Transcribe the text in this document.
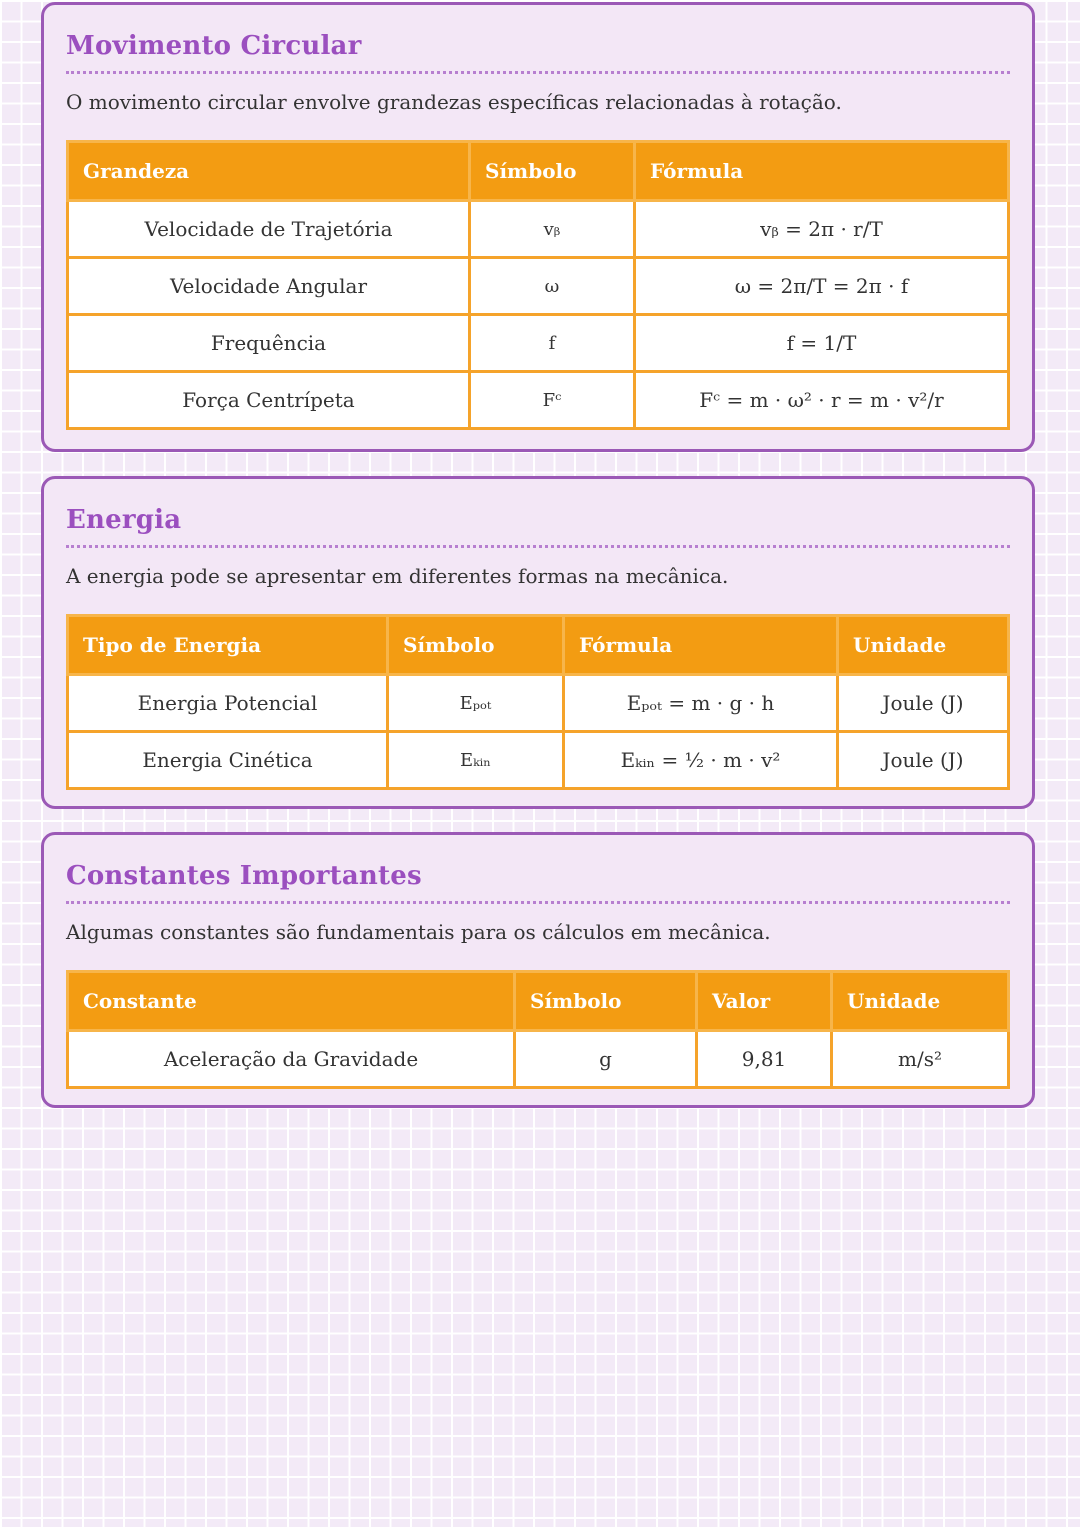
Movimento Circular

O movimento circular envolve grandezas específicas relacionadas à rotação.

Grandeza	Símbolo	Fórmula
Velocidade de Trajetória	vᵦ	vᵦ = 2π · r/T
Velocidade Angular	ω	ω = 2π/T = 2π · f
Frequência	f	f = 1/T
Força Centrípeta	Fᶜ	Fᶜ = m · ω² · r = m · v²/r
Energia

A energia pode se apresentar em diferentes formas na mecânica.

Tipo de Energia	Símbolo	Fórmula	Unidade
Energia Potencial	Eₚₒₜ	Eₚₒₜ = m · g · h	Joule (J)
Energia Cinética	Eₖᵢₙ	Eₖᵢₙ = ½ · m · v²	Joule (J)
Constantes Importantes

Algumas constantes são fundamentais para os cálculos em mecânica.

Constante	Símbolo	Valor	Unidade
Aceleração da Gravidade	g	9,81	m/s²
